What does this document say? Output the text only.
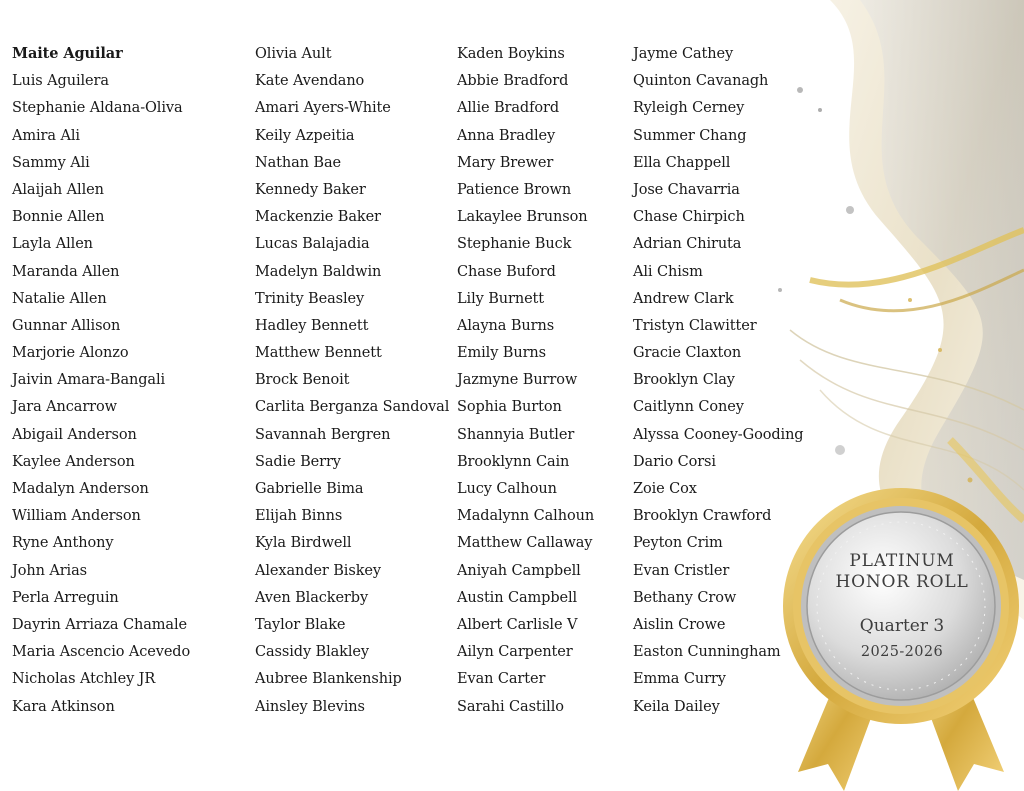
Maite Aguilar
Luis Aguilera
Stephanie Aldana-Oliva
Amira Ali
Sammy Ali
Alaijah Allen
Bonnie Allen
Layla Allen
Maranda Allen
Natalie Allen
Gunnar Allison
Marjorie Alonzo
Jaivin Amara-Bangali
Jara Ancarrow
Abigail Anderson
Kaylee Anderson
Madalyn Anderson
William Anderson
Ryne Anthony
John Arias
Perla Arreguin
Dayrin Arriaza Chamale
Maria Ascencio Acevedo
Nicholas Atchley JR
Kara Atkinson
Olivia Ault
Kate Avendano
Amari Ayers-White
Keily Azpeitia
Nathan Bae
Kennedy Baker
Mackenzie Baker
Lucas Balajadia
Madelyn Baldwin
Trinity Beasley
Hadley Bennett
Matthew Bennett
Brock Benoit
Carlita Berganza Sandoval
Savannah Bergren
Sadie Berry
Gabrielle Bima
Elijah Binns
Kyla Birdwell
Alexander Biskey
Aven Blackerby
Taylor Blake
Cassidy Blakley
Aubree Blankenship
Ainsley Blevins
Kaden Boykins
Abbie Bradford
Allie Bradford
Anna Bradley
Mary Brewer
Patience Brown
Lakaylee Brunson
Stephanie Buck
Chase Buford
Lily Burnett
Alayna Burns
Emily Burns
Jazmyne Burrow
Sophia Burton
Shannyia Butler
Brooklynn Cain
Lucy Calhoun
Madalynn Calhoun
Matthew Callaway
Aniyah Campbell
Austin Campbell
Albert Carlisle V
Ailyn Carpenter
Evan Carter
Sarahi Castillo
Jayme Cathey
Quinton Cavanagh
Ryleigh Cerney
Summer Chang
Ella Chappell
Jose Chavarria
Chase Chirpich
Adrian Chiruta
Ali Chism
Andrew Clark
Tristyn Clawitter
Gracie Claxton
Brooklyn Clay
Caitlynn Coney
Alyssa Cooney-Gooding
Dario Corsi
Zoie Cox
Brooklyn Crawford
Peyton Crim
Evan Cristler
Bethany Crow
Aislin Crowe
Easton Cunningham
Emma Curry
Keila Dailey
PLATINUM
HONOR ROLL
Quarter 3
2025-2026
